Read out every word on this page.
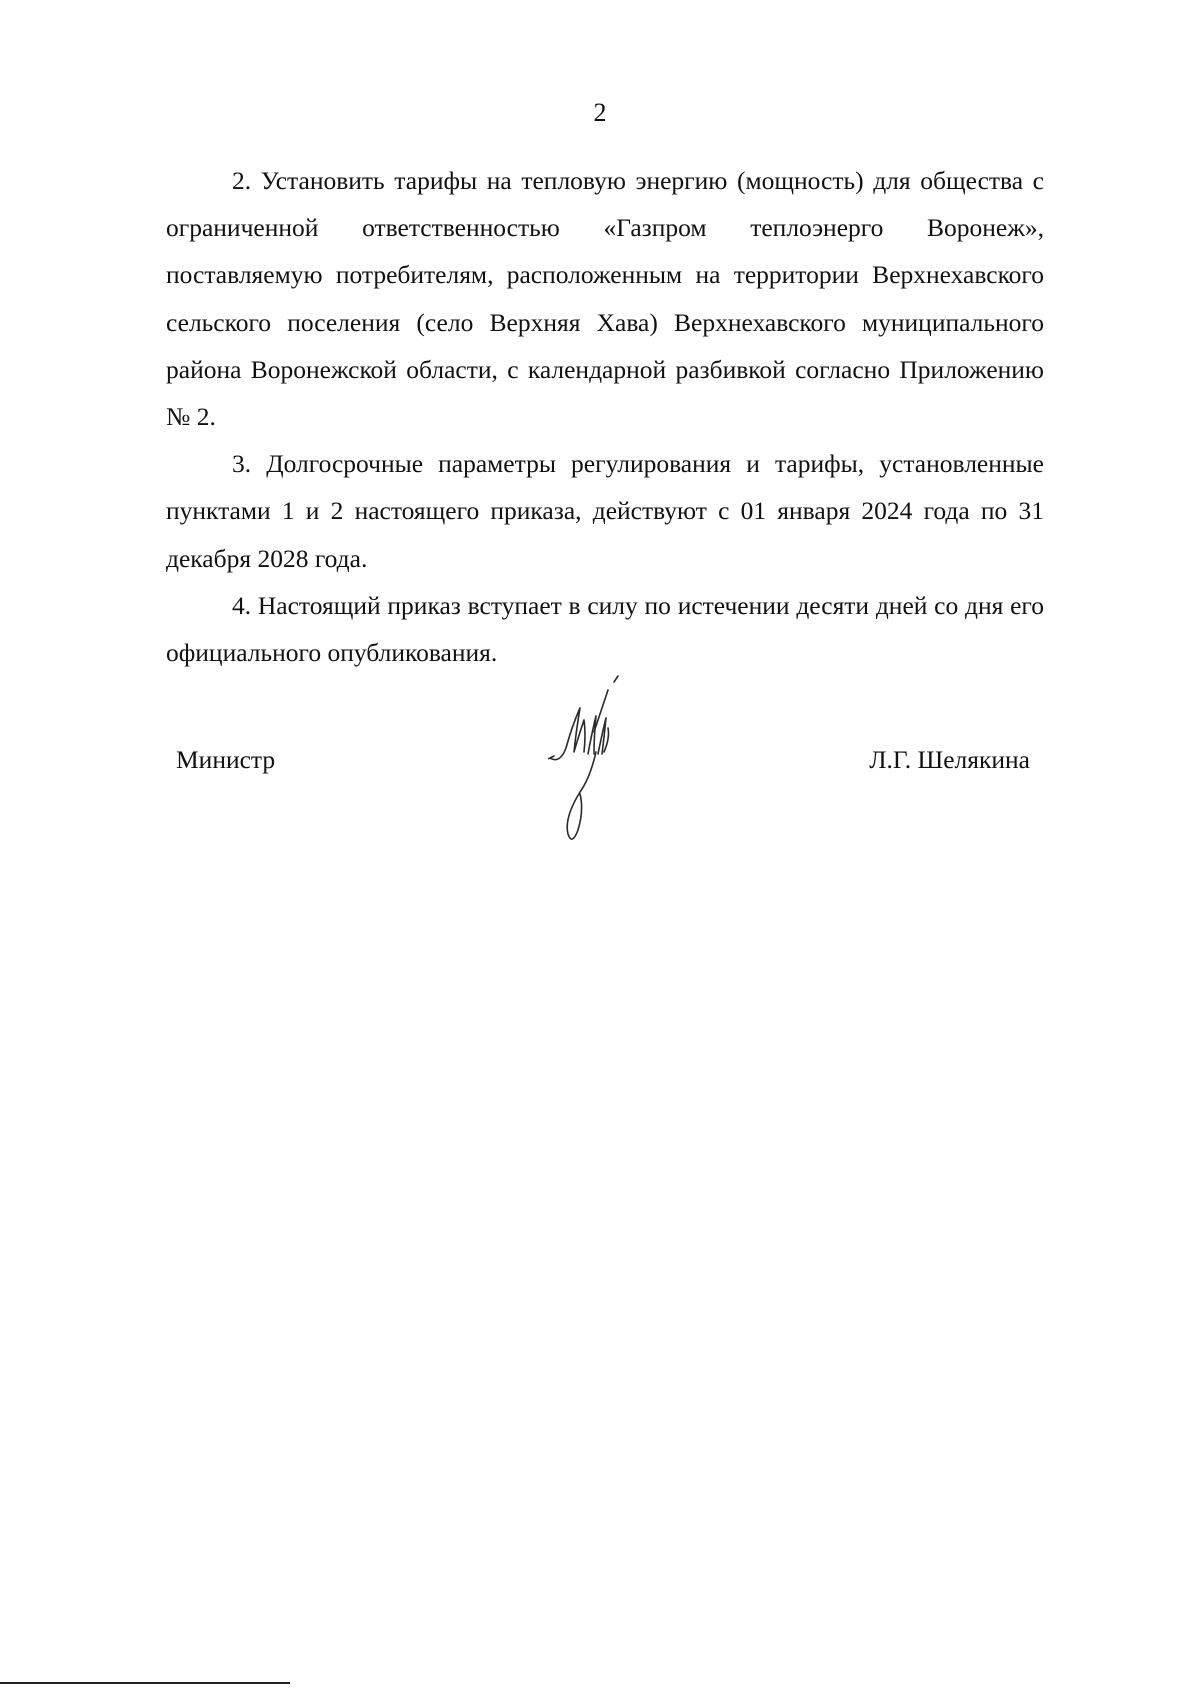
2

2. Установить тарифы на тепловую энергию (мощность) для общества с ограниченной ответственностью «Газпром теплоэнерго Воронеж», поставляемую потребителям, расположенным на территории Верхнехавского сельского поселения (село Верхняя Хава) Верхнехавского муниципального района Воронежской области, с календарной разбивкой согласно Приложению № 2.

3. Долгосрочные параметры регулирования и тарифы, установленные пунктами 1 и 2 настоящего приказа, действуют с 01 января 2024 года по 31 декабря 2028 года.

4. Настоящий приказ вступает в силу по истечении десяти дней со дня его официального опубликования.

Министр	Л.Г. Шелякина
